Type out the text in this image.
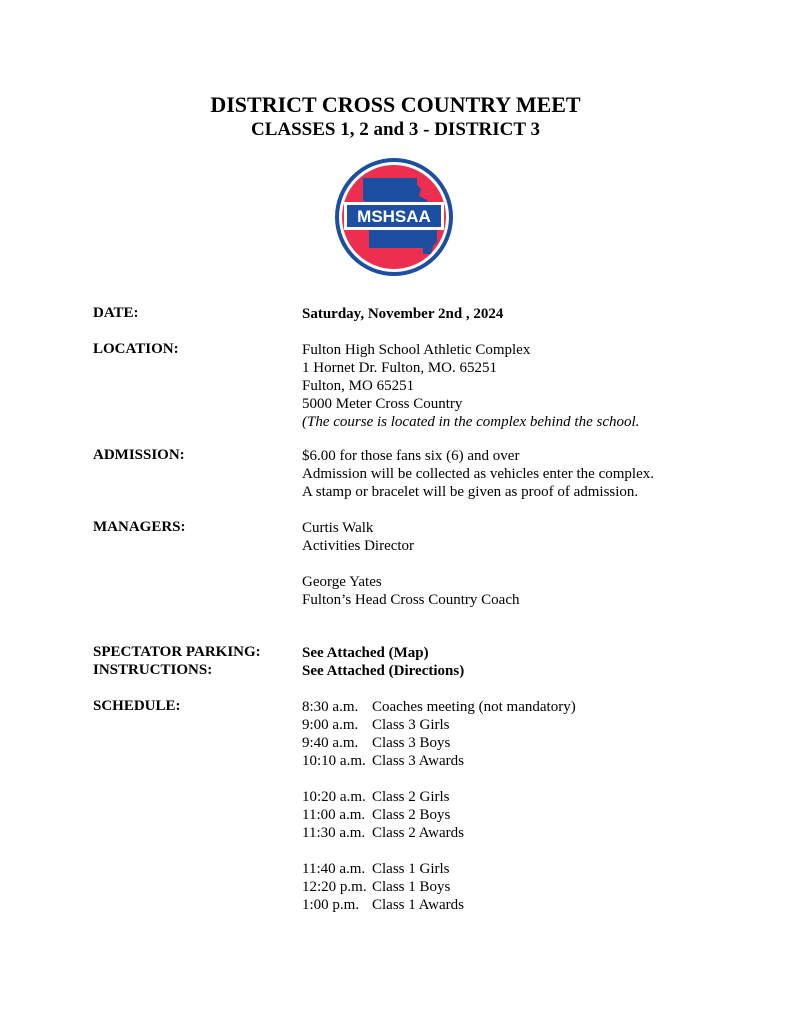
DISTRICT CROSS COUNTRY MEET
CLASSES 1, 2 and 3 - DISTRICT 3
MSHSAA
DATE:	Saturday, November 2nd , 2024
LOCATION:	Fulton High School Athletic Complex
1 Hornet Dr. Fulton, MO. 65251
Fulton, MO 65251
5000 Meter Cross Country
(The course is located in the complex behind the school.
ADMISSION:	$6.00 for those fans six (6) and over
Admission will be collected as vehicles enter the complex.
A stamp or bracelet will be given as proof of admission.
MANAGERS:	Curtis Walk
Activities Director
George Yates
Fulton’s Head Cross Country Coach
SPECTATOR PARKING:	See Attached (Map)
INSTRUCTIONS:	See Attached (Directions)
SCHEDULE:	8:30 a.m. Coaches meeting (not mandatory)
9:00 a.m. Class 3 Girls
9:40 a.m. Class 3 Boys
10:10 a.m. Class 3 Awards
10:20 a.m. Class 2 Girls
11:00 a.m. Class 2 Boys
11:30 a.m. Class 2 Awards
11:40 a.m. Class 1 Girls
12:20 p.m. Class 1 Boys
1:00 p.m. Class 1 Awards
